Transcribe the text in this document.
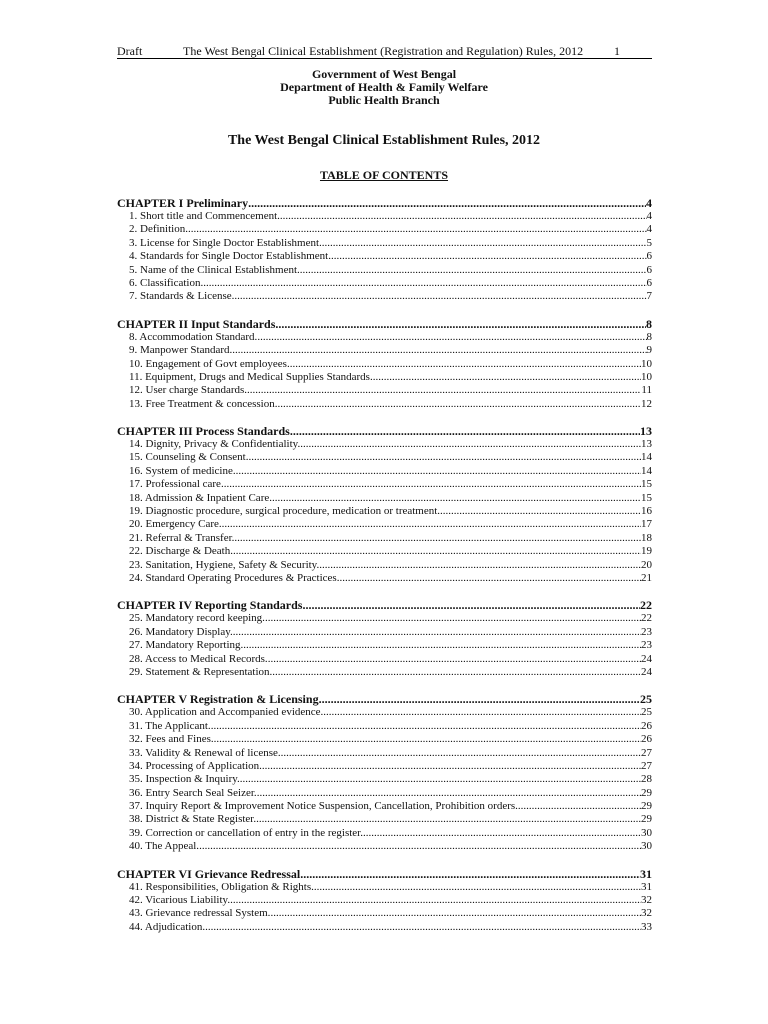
Draft	The West Bengal Clinical Establishment (Registration and Regulation) Rules, 2012	1
Government of West Bengal
Department of Health & Family Welfare
Public Health Branch
The West Bengal Clinical Establishment Rules, 2012
TABLE OF CONTENTS
CHAPTER I Preliminary .....	4
1. Short title and Commencement. .....	4
2. Definition. .....	4
3. License for Single Doctor Establishment .....	5
4. Standards for Single Doctor Establishment .....	6
5. Name of the Clinical Establishment. .....	6
6. Classification. .....	6
7. Standards & License. .....	7
CHAPTER II Input Standards .....	8
8. Accommodation Standard. .....	8
9. Manpower Standard. .....	9
10. Engagement of Govt employees .....	10
11. Equipment, Drugs and Medical Supplies Standards. .....	10
12. User charge Standards. .....	11
13. Free Treatment & concession. .....	12
CHAPTER III Process Standards .....	13
14. Dignity, Privacy & Confidentiality. .....	13
15. Counseling & Consent. .....	14
16. System of medicine .....	14
17. Professional care. .....	15
18. Admission & Inpatient Care. .....	15
19. Diagnostic procedure, surgical procedure, medication or treatment. .....	16
20. Emergency Care. .....	17
21. Referral & Transfer. .....	18
22. Discharge & Death. .....	19
23. Sanitation, Hygiene, Safety & Security. .....	20
24. Standard Operating Procedures & Practices. .....	21
CHAPTER IV Reporting Standards .....	22
25. Mandatory record keeping. .....	22
26. Mandatory Display. .....	23
27. Mandatory Reporting. .....	23
28. Access to Medical Records. .....	24
29. Statement & Representation. .....	24
CHAPTER V Registration & Licensing .....	25
30. Application and Accompanied evidence. .....	25
31. The Applicant. .....	26
32. Fees and Fines. .....	26
33. Validity & Renewal of license. .....	27
34. Processing of Application. .....	27
35. Inspection & Inquiry. .....	28
36. Entry Search Seal Seizer. .....	29
37. Inquiry Report & Improvement Notice Suspension, Cancellation, Prohibition orders. .....	29
38. District & State Register. .....	29
39. Correction or cancellation of entry in the register. .....	30
40. The Appeal. .....	30
CHAPTER VI Grievance Redressal .....	31
41. Responsibilities, Obligation & Rights. .....	31
42. Vicarious Liability. .....	32
43. Grievance redressal System. .....	32
44. Adjudication. .....	33
